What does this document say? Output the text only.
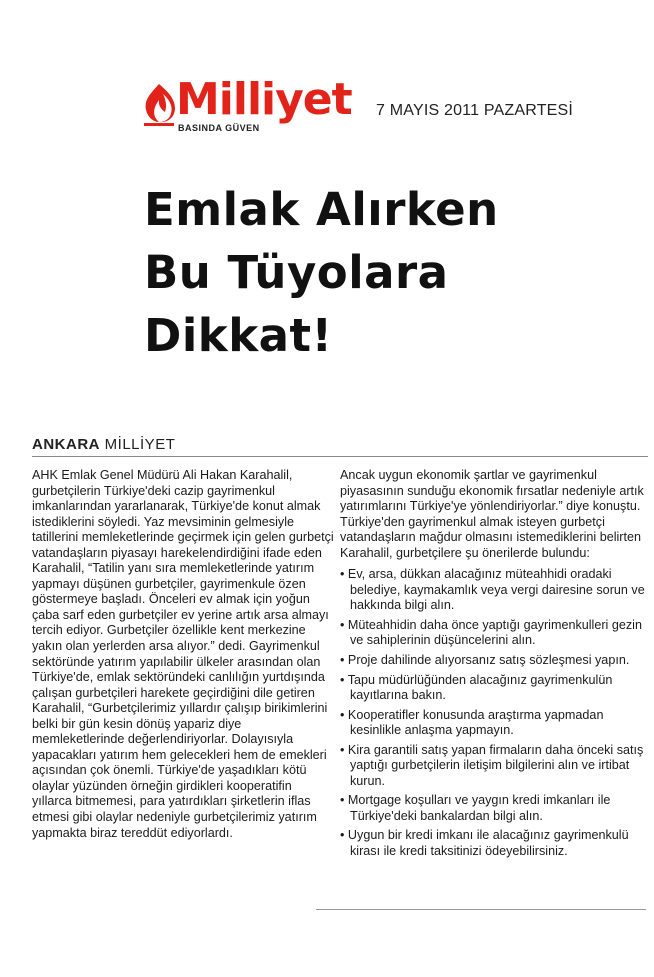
Milliyet
BASINDA GÜVEN
7 MAYIS 2011 PAZARTESİ
Emlak Alırken
Bu Tüyolara
Dikkat!
ANKARA MİLLİYET

AHK Emlak Genel Müdürü Ali Hakan Karahalil, gurbetçilerin Türkiye'deki cazip gayrimenkul imkanlarından yararlanarak, Türkiye'de konut almak istediklerini söyledi. Yaz mevsiminin gelmesiyle tatillerini memleketlerinde geçirmek için gelen gurbetçi vatandaşların piyasayı harekelendirdiğini ifade eden Karahalil, “Tatilin yanı sıra memleketlerinde yatırım yapmayı düşünen gurbetçiler, gayrimenkule özen göstermeye başladı. Önceleri ev almak için yoğun çaba sarf eden gurbetçiler ev yerine artık arsa almayı tercih ediyor. Gurbetçiler özellikle kent merkezine yakın olan yerlerden arsa alıyor.” dedi. Gayrimenkul sektöründe yatırım yapılabilir ülkeler arasından olan Türkiye'de, emlak sektöründeki canlılığın yurtdışında çalışan gurbetçileri harekete geçirdiğini dile getiren Karahalil, “Gurbetçilerimiz yıllardır çalışıp birikimlerini belki bir gün kesin dönüş yapariz diye memleketlerinde değerlendiriyorlar. Dolayısıyla yapacakları yatırım hem gelecekleri hem de emekleri açısından çok önemli. Türkiye'de yaşadıkları kötü olaylar yüzünden örneğin girdikleri kooperatifin yıllarca bitmemesi, para yatırdıkları şirketlerin iflas etmesi gibi olaylar nedeniyle gurbetçilerimiz yatırım yapmakta biraz tereddüt ediyorlardı.

Ancak uygun ekonomik şartlar ve gayrimenkul piyasasının sunduğu ekonomik fırsatlar nedeniyle artık yatırımlarını Türkiye'ye yönlendiriyorlar.” diye konuştu. Türkiye'den gayrimenkul almak isteyen gurbetçi vatandaşların mağdur olmasını istemediklerini belirten Karahalil, gurbetçilere şu önerilerde bulundu:

• Ev, arsa, dükkan alacağınız müteahhidi oradaki belediye, kaymakamlık veya vergi dairesine sorun ve hakkında bilgi alın.
• Müteahhidin daha önce yaptığı gayrimenkulleri gezin ve sahiplerinin düşüncelerini alın.
• Proje dahilinde alıyorsanız satış sözleşmesi yapın.
• Tapu müdürlüğünden alacağınız gayrimenkulün kayıtlarına bakın.
• Kooperatifler konusunda araştırma yapmadan kesinlikle anlaşma yapmayın.
• Kira garantili satış yapan firmaların daha önceki satış yaptığı gurbetçilerin iletişim bilgilerini alın ve irtibat kurun.
• Mortgage koşulları ve yaygın kredi imkanları ile Türkiye'deki bankalardan bilgi alın.
• Uygun bir kredi imkanı ile alacağınız gayrimenkulü kirası ile kredi taksitinizi ödeyebilirsiniz.
